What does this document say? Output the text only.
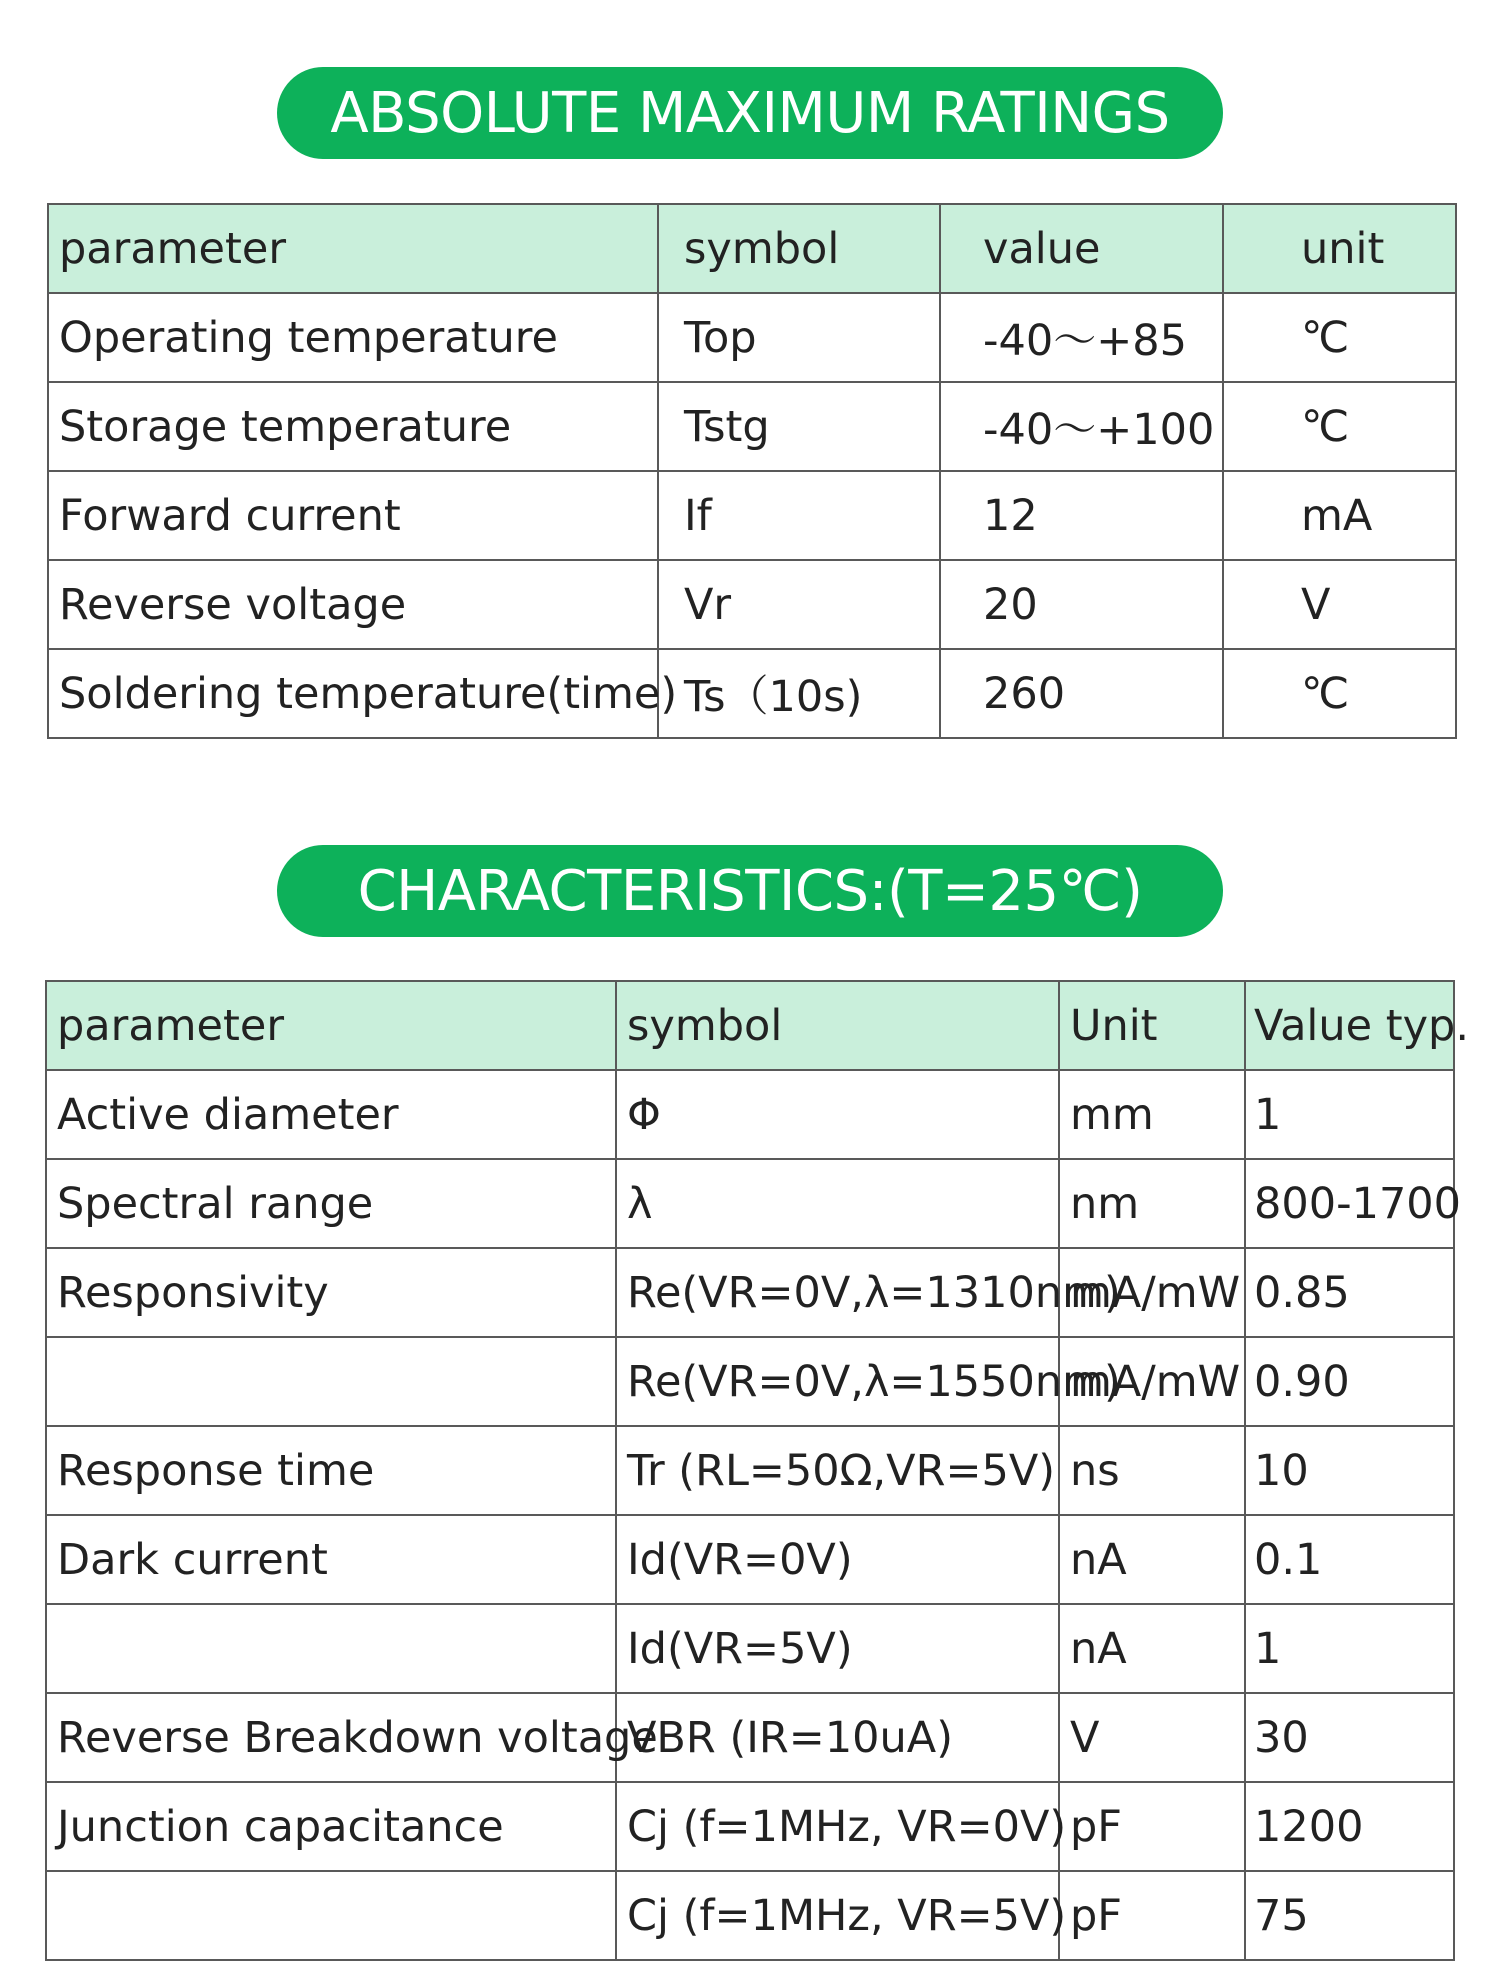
ABSOLUTE MAXIMUM RATINGS
parameter	symbol	value	unit
Operating temperature	Top	-40～+85	℃
Storage temperature	Tstg	-40～+100	℃
Forward current	If	12	mA
Reverse voltage	Vr	20	V
Soldering temperature(time)	Ts（10s)	260	℃
CHARACTERISTICS:(T=25℃)
parameter	symbol	Unit	Value typ.
Active diameter	Φ	mm	1
Spectral range	λ	nm	800-1700
Responsivity	Re(VR=0V,λ=1310nm)	mA/mW	0.85
	Re(VR=0V,λ=1550nm)	mA/mW	0.90
Response time	Tr (RL=50Ω,VR=5V)	ns	10
Dark current	Id(VR=0V)	nA	0.1
	Id(VR=5V)	nA	1
Reverse Breakdown voltage	VBR (IR=10uA)	V	30
Junction capacitance	Cj (f=1MHz, VR=0V)	pF	1200
	Cj (f=1MHz, VR=5V)	pF	75
